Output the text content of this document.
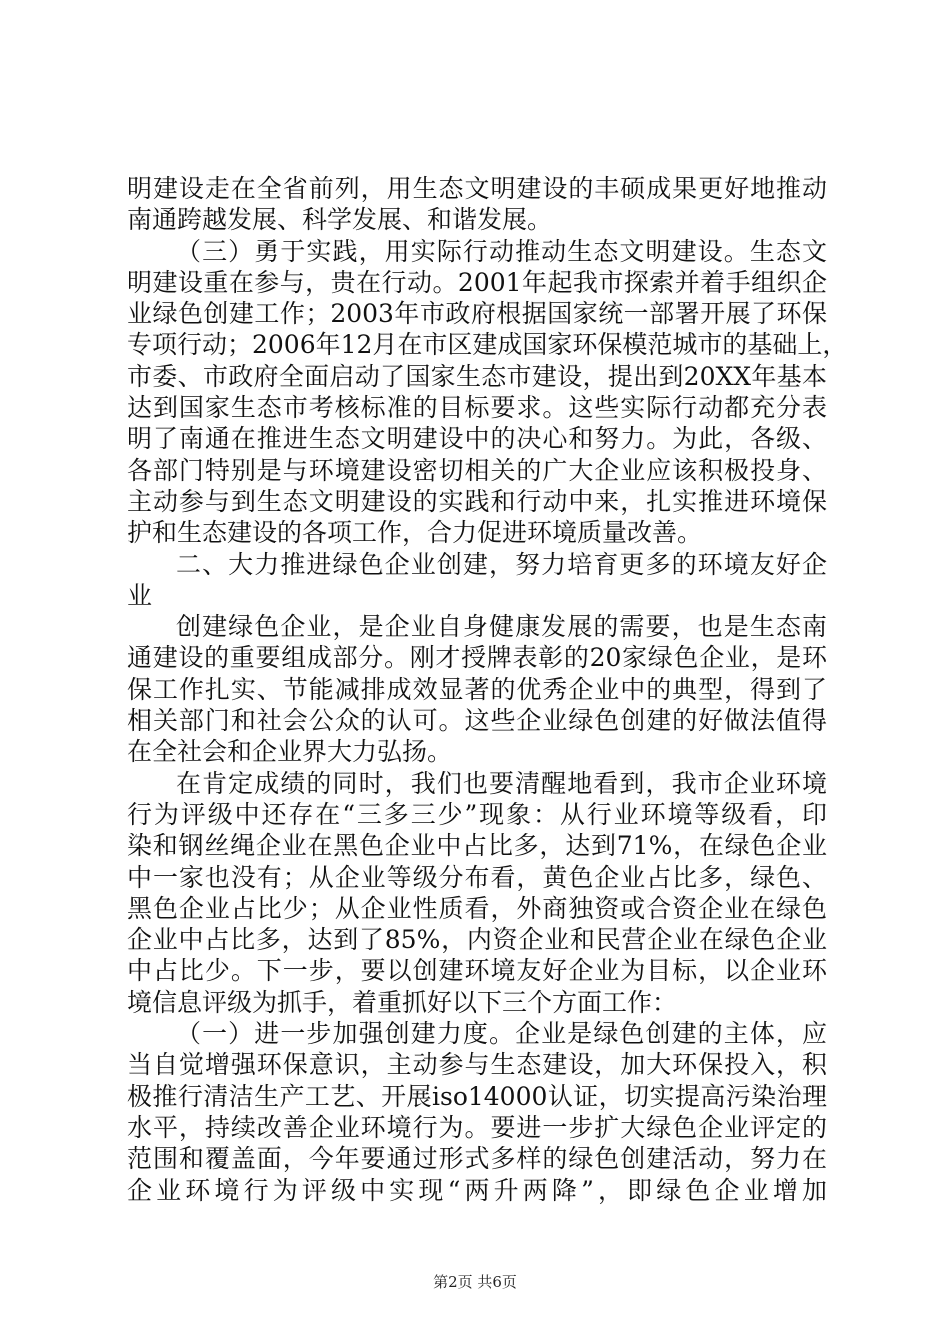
明建设走在全省前列，用生态文明建设的丰硕成果更好地推动
南通跨越发展、科学发展、和谐发展。
（三）勇于实践，用实际行动推动生态文明建设。生态文
明建设重在参与，贵在行动。2001年起我市探索并着手组织企
业绿色创建工作；2003年市政府根据国家统一部署开展了环保
专项行动；2006年12月在市区建成国家环保模范城市的基础上，
市委、市政府全面启动了国家生态市建设，提出到20XX年基本
达到国家生态市考核标准的目标要求。这些实际行动都充分表
明了南通在推进生态文明建设中的决心和努力。为此，各级、
各部门特别是与环境建设密切相关的广大企业应该积极投身、
主动参与到生态文明建设的实践和行动中来，扎实推进环境保
护和生态建设的各项工作，合力促进环境质量改善。
二、大力推进绿色企业创建，努力培育更多的环境友好企
业
创建绿色企业，是企业自身健康发展的需要，也是生态南
通建设的重要组成部分。刚才授牌表彰的20家绿色企业，是环
保工作扎实、节能减排成效显著的优秀企业中的典型，得到了
相关部门和社会公众的认可。这些企业绿色创建的好做法值得
在全社会和企业界大力弘扬。
在肯定成绩的同时，我们也要清醒地看到，我市企业环境
行为评级中还存在“三多三少”现象：从行业环境等级看，印
染和钢丝绳企业在黑色企业中占比多，达到71%，在绿色企业
中一家也没有；从企业等级分布看，黄色企业占比多，绿色、
黑色企业占比少；从企业性质看，外商独资或合资企业在绿色
企业中占比多，达到了85%，内资企业和民营企业在绿色企业
中占比少。下一步，要以创建环境友好企业为目标，以企业环
境信息评级为抓手，着重抓好以下三个方面工作：
（一）进一步加强创建力度。企业是绿色创建的主体，应
当自觉增强环保意识，主动参与生态建设，加大环保投入，积
极推行清洁生产工艺、开展iso14000认证，切实提高污染治理
水平，持续改善企业环境行为。要进一步扩大绿色企业评定的
范围和覆盖面，今年要通过形式多样的绿色创建活动，努力在
企业环境行为评级中实现“两升两降”，即绿色企业增加
第2页 共6页
